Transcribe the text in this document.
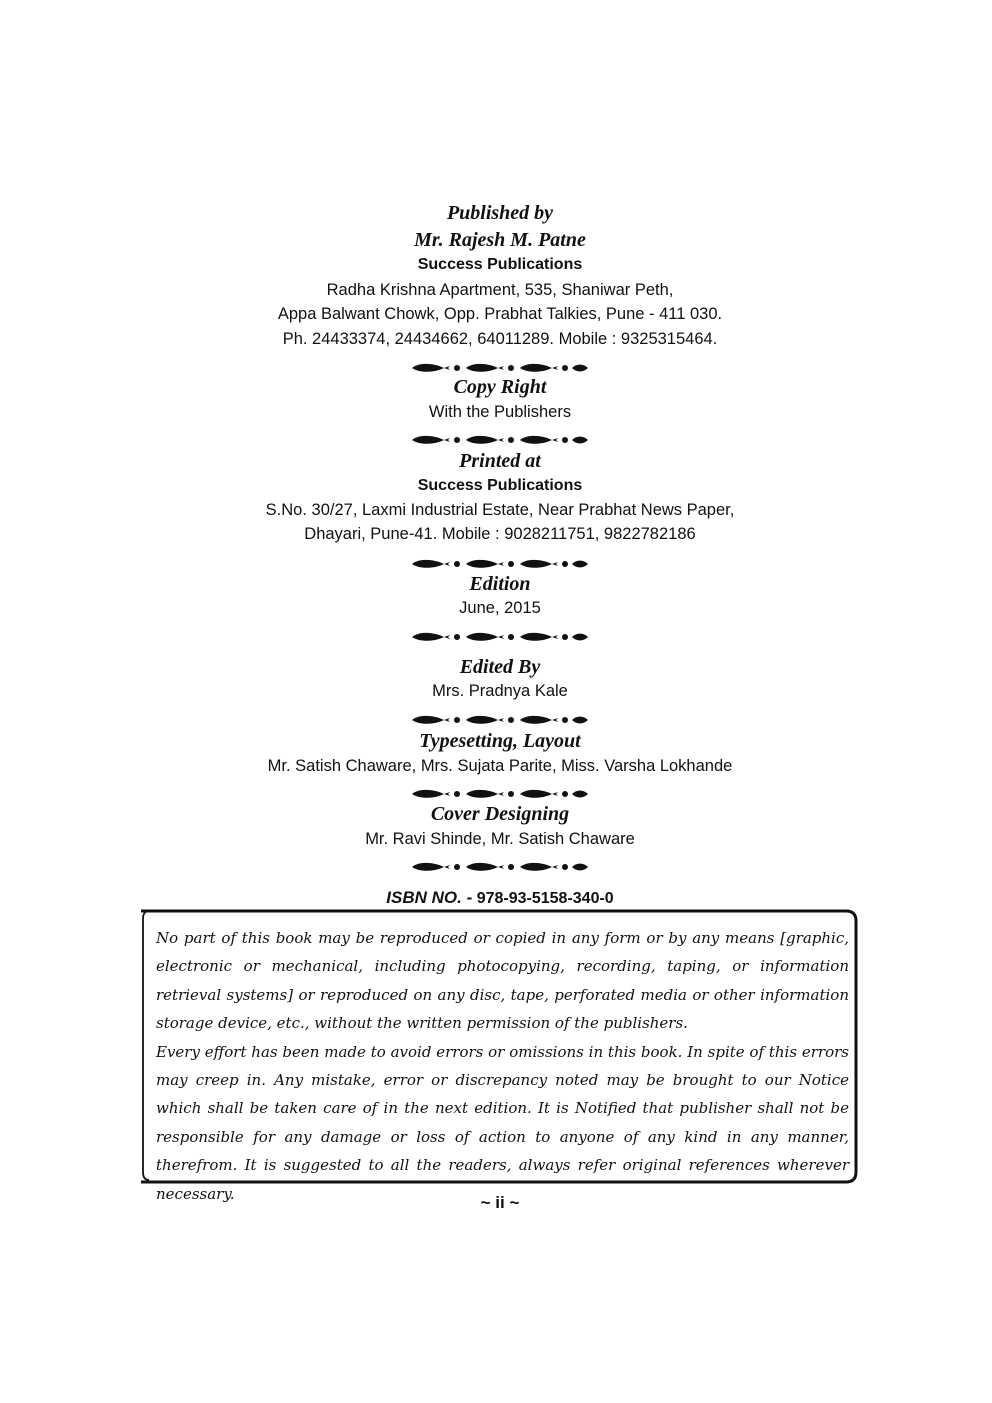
Published by
Mr. Rajesh M. Patne
Success Publications
Radha Krishna Apartment, 535, Shaniwar Peth,
Appa Balwant Chowk, Opp. Prabhat Talkies, Pune - 411 030.
Ph. 24433374, 24434662, 64011289. Mobile : 9325315464.
Copy Right
With the Publishers
Printed at
Success Publications
S.No. 30/27, Laxmi Industrial Estate, Near Prabhat News Paper,
Dhayari, Pune-41. Mobile : 9028211751, 9822782186
Edition
June, 2015
Edited By
Mrs. Pradnya Kale
Typesetting, Layout
Mr. Satish Chaware, Mrs. Sujata Parite, Miss. Varsha Lokhande
Cover Designing
Mr. Ravi Shinde, Mr. Satish Chaware
ISBN NO. - 978-93-5158-340-0

No part of this book may be reproduced or copied in any form or by any means [graphic, electronic or mechanical, including photocopying, recording, taping, or information retrieval systems] or reproduced on any disc, tape, perforated media or other information storage device, etc., without the written permission of the publishers.

Every effort has been made to avoid errors or omissions in this book. In spite of this errors may creep in. Any mistake, error or discrepancy noted may be brought to our Notice which shall be taken care of in the next edition. It is Notified that publisher shall not be responsible for any damage or loss of action to anyone of any kind in any manner, therefrom. It is suggested to all the readers, always refer original references wherever necessary.	~ ii ~
